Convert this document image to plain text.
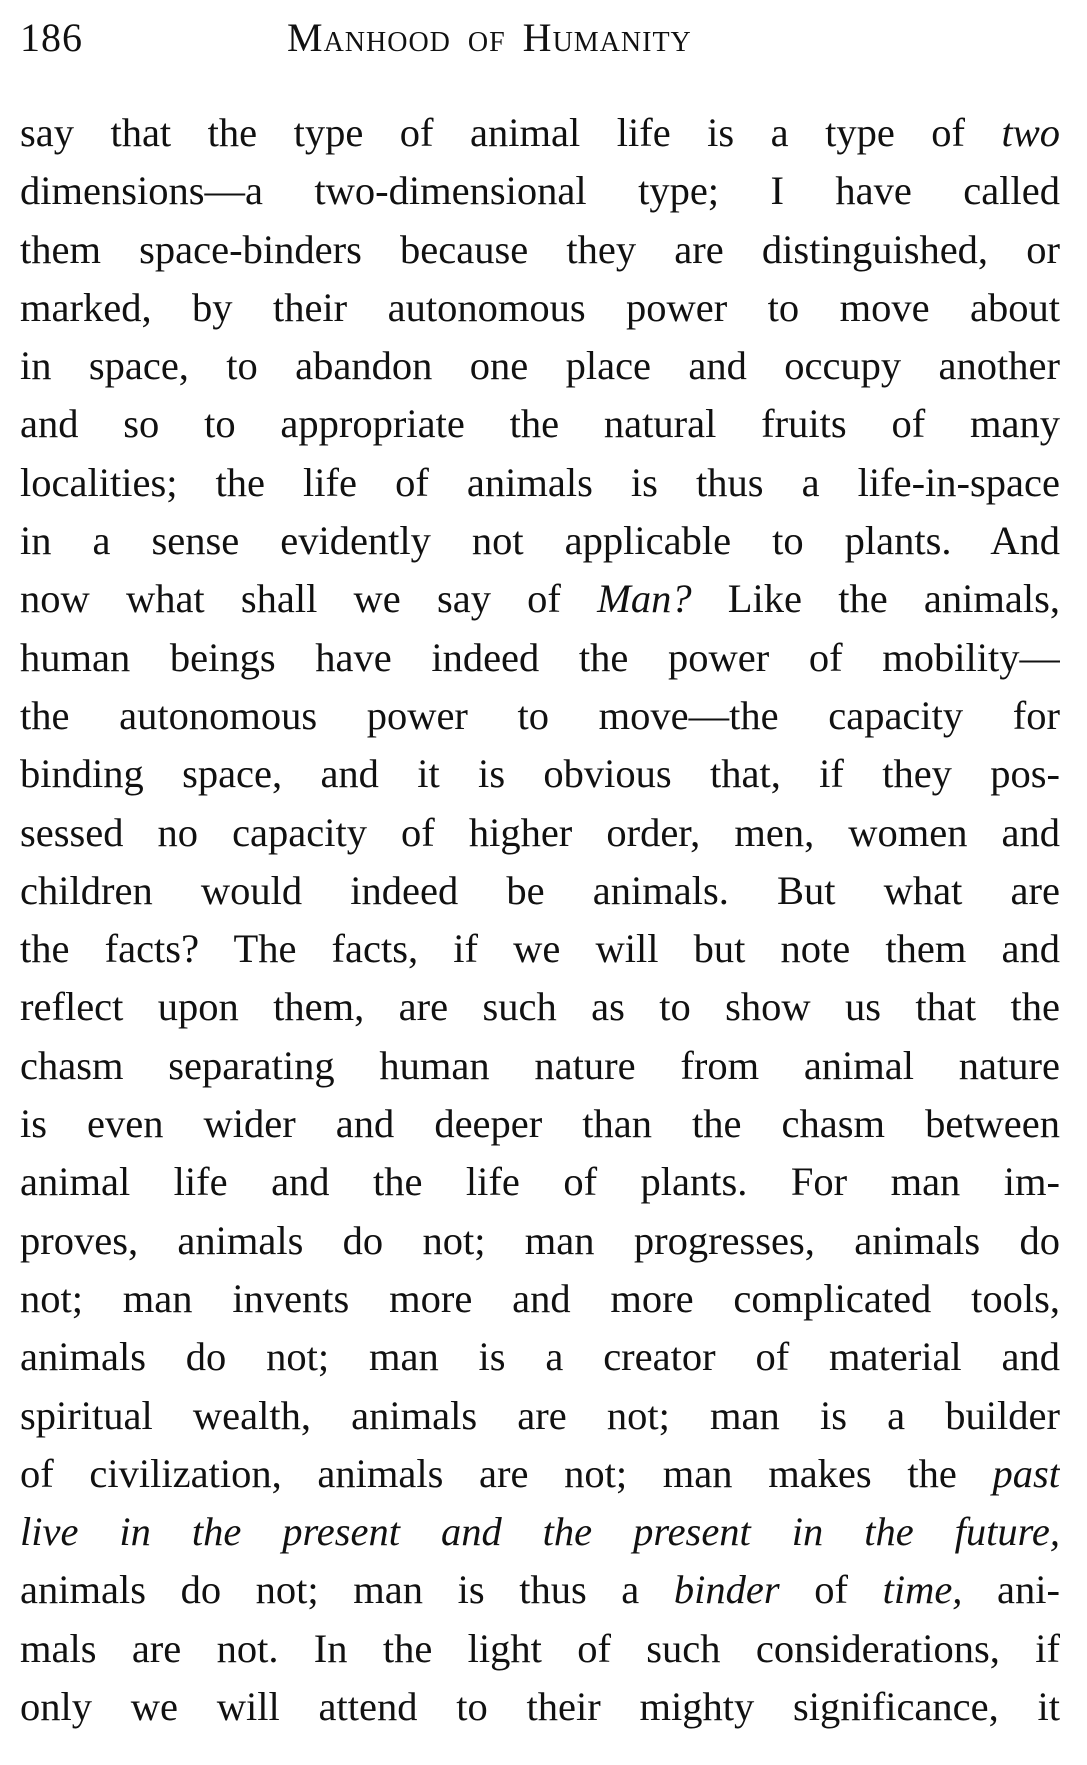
186	Manhood of Humanity
say that the type of animal life is a type of two
dimensions—a two-dimensional type; I have called
them space-binders because they are distinguished, or
marked, by their autonomous power to move about
in space, to abandon one place and occupy another
and so to appropriate the natural fruits of many
localities; the life of animals is thus a life-in-space
in a sense evidently not applicable to plants. And
now what shall we say of Man? Like the animals,
human beings have indeed the power of mobility—
the autonomous power to move—the capacity for
binding space, and it is obvious that, if they pos-
sessed no capacity of higher order, men, women and
children would indeed be animals. But what are
the facts? The facts, if we will but note them and
reflect upon them, are such as to show us that the
chasm separating human nature from animal nature
is even wider and deeper than the chasm between
animal life and the life of plants. For man im-
proves, animals do not; man progresses, animals do
not; man invents more and more complicated tools,
animals do not; man is a creator of material and
spiritual wealth, animals are not; man is a builder
of civilization, animals are not; man makes the past
live in the present and the present in the future,
animals do not; man is thus a binder of time, ani-
mals are not. In the light of such considerations, if
only we will attend to their mighty significance, it
